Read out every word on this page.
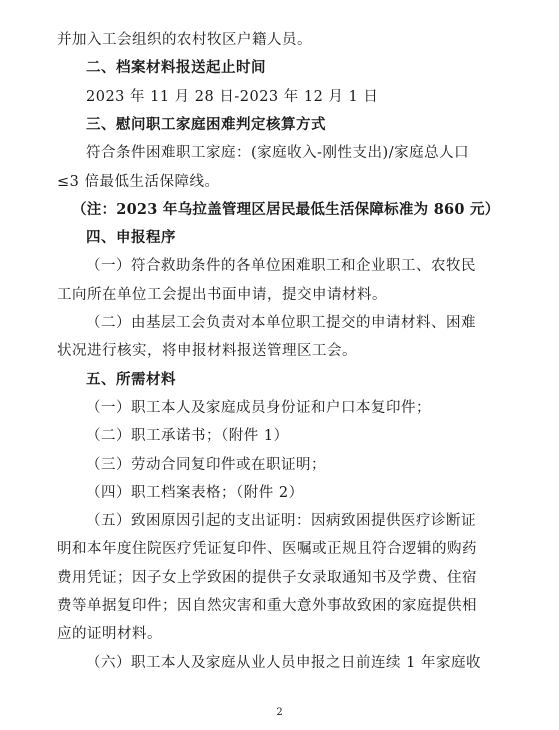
并加入工会组织的农村牧区户籍人员。
二、档案材料报送起止时间
2023 年 11 月 28 日-2023 年 12 月 1 日
三、慰问职工家庭困难判定核算方式
符合条件困难职工家庭：(家庭收入-刚性支出)/家庭总人口
≤3 倍最低生活保障线。
（注：2023 年乌拉盖管理区居民最低生活保障标准为 860 元）
四、申报程序
（一）符合救助条件的各单位困难职工和企业职工、农牧民
工向所在单位工会提出书面申请，提交申请材料。
（二）由基层工会负责对本单位职工提交的申请材料、困难
状况进行核实，将申报材料报送管理区工会。
五、所需材料
（一）职工本人及家庭成员身份证和户口本复印件；
（二）职工承诺书；（附件 1）
（三）劳动合同复印件或在职证明；
（四）职工档案表格；（附件 2）
（五）致困原因引起的支出证明：因病致困提供医疗诊断证
明和本年度住院医疗凭证复印件、医嘱或正规且符合逻辑的购药
费用凭证；因子女上学致困的提供子女录取通知书及学费、住宿
费等单据复印件；因自然灾害和重大意外事故致困的家庭提供相
应的证明材料。
（六）职工本人及家庭从业人员申报之日前连续 1 年家庭收
2
